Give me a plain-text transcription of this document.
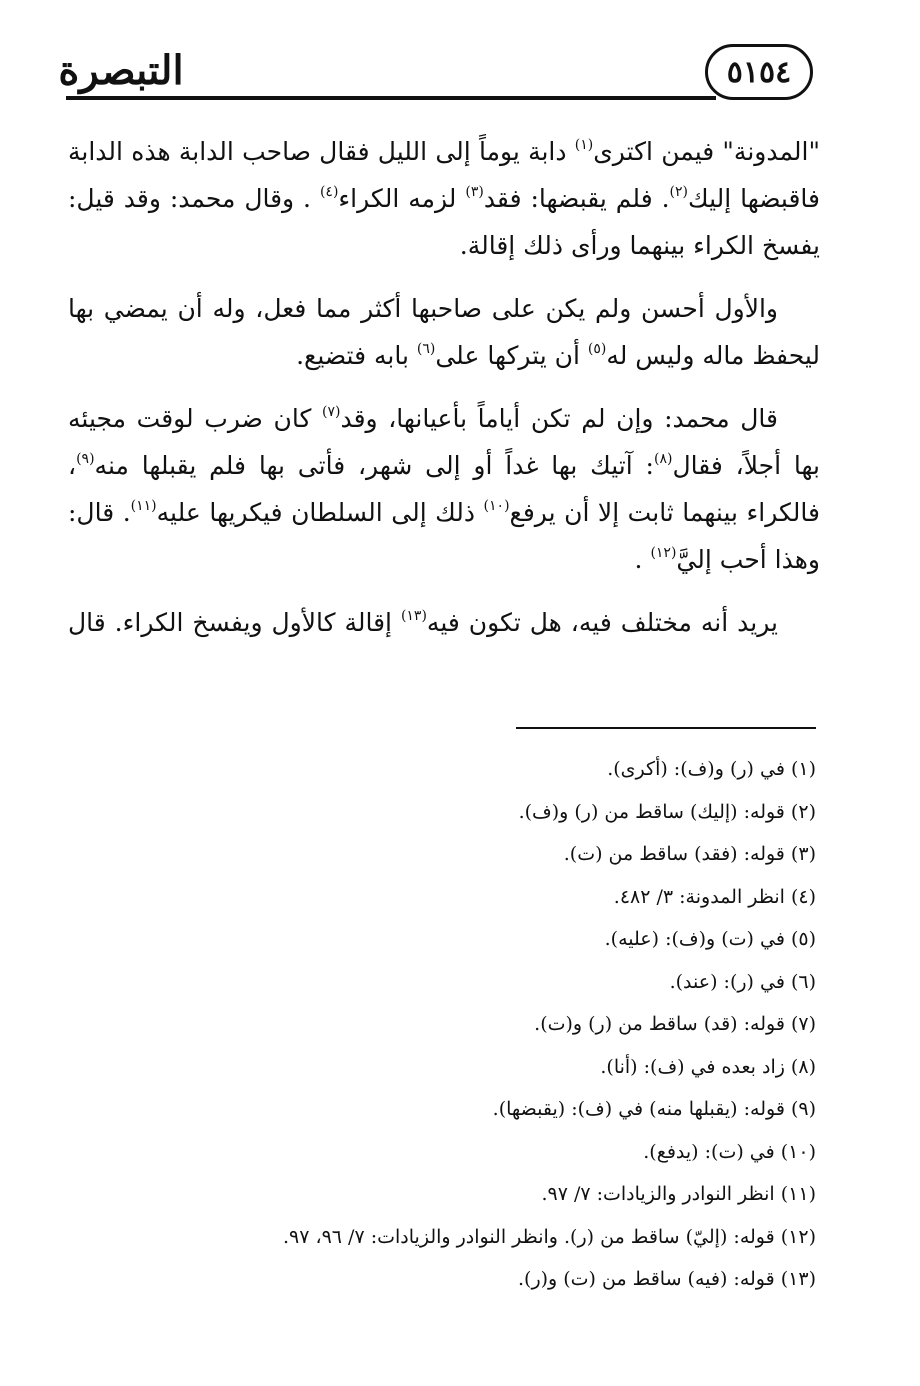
التبصرة	٥١٥٤

"المدونة" فيمن اكترى$^{(١)}$ دابة يوماً إلى الليل فقال صاحب الدابة هذه الدابة فاقبضها إليك$^{(٢)}$. فلم يقبضها: فقد$^{(٣)}$ لزمه الكراء$^{(٤)}$ . وقال محمد: وقد قيل: يفسخ الكراء بينهما ورأى ذلك إقالة.

والأول أحسن ولم يكن على صاحبها أكثر مما فعل، وله أن يمضي بها ليحفظ ماله وليس له$^{(٥)}$ أن يتركها على$^{(٦)}$ بابه فتضيع.

قال محمد: وإن لم تكن أياماً بأعيانها، وقد$^{(٧)}$ كان ضرب لوقت مجيئه بها أجلاً، فقال$^{(٨)}$: آتيك بها غداً أو إلى شهر، فأتى بها فلم يقبلها منه$^{(٩)}$، فالكراء بينهما ثابت إلا أن يرفع$^{(١٠)}$ ذلك إلى السلطان فيكريها عليه$^{(١١)}$. قال: وهذا أحب إليَّ$^{(١٢)}$ .

يريد أنه مختلف فيه، هل تكون فيه$^{(١٣)}$ إقالة كالأول ويفسخ الكراء. قال

(١) في (ر) و(ف): (أكرى).
(٢) قوله: (إليك) ساقط من (ر) و(ف).
(٣) قوله: (فقد) ساقط من (ت).
(٤) انظر المدونة: ٣/ ٤٨٢.
(٥) في (ت) و(ف): (عليه).
(٦) في (ر): (عند).
(٧) قوله: (قد) ساقط من (ر) و(ت).
(٨) زاد بعده في (ف): (أنا).
(٩) قوله: (يقبلها منه) في (ف): (يقبضها).
(١٠) في (ت): (يدفع).
(١١) انظر النوادر والزيادات: ٧/ ٩٧.
(١٢) قوله: (إليّ) ساقط من (ر). وانظر النوادر والزيادات: ٧/ ٩٦، ٩٧.
(١٣) قوله: (فيه) ساقط من (ت) و(ر).
